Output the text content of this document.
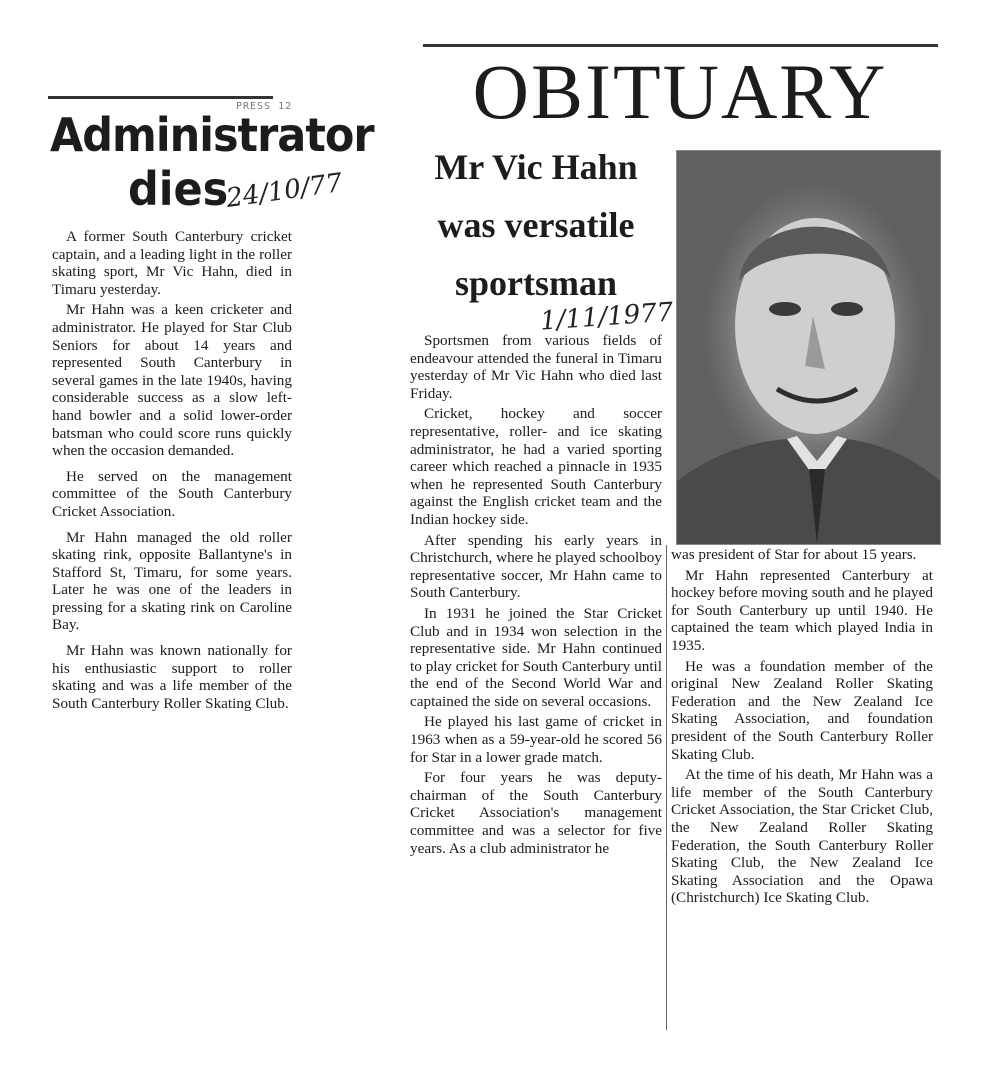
PRESS 12
Administrator
dies
24/10/77

A former South Canterbury cricket captain, and a leading light in the roller skating sport, Mr Vic Hahn, died in Timaru yesterday.

Mr Hahn was a keen cricketer and administrator. He played for Star Club Seniors for about 14 years and represented South Canterbury in several games in the late 1940s, having considerable success as a slow left-hand bowler and a solid lower-order batsman who could score runs quickly when the occasion demanded.

He served on the management committee of the South Canterbury Cricket Association.

Mr Hahn managed the old roller skating rink, opposite Ballantyne's in Stafford St, Timaru, for some years. Later he was one of the leaders in pressing for a skating rink on Caroline Bay.

Mr Hahn was known nationally for his enthusiastic support to roller skating and was a life member of the South Canterbury Roller Skating Club.

OBITUARY
Mr Vic Hahn
was versatile
sportsman
1/11/1977

Sportsmen from various fields of endeavour attended the funeral in Timaru yesterday of Mr Vic Hahn who died last Friday.

Cricket, hockey and soccer representative, roller- and ice skating administrator, he had a varied sporting career which reached a pinnacle in 1935 when he represented South Canterbury against the English cricket team and the Indian hockey side.

After spending his early years in Christchurch, where he played schoolboy representative soccer, Mr Hahn came to South Canterbury.

In 1931 he joined the Star Cricket Club and in 1934 won selection in the representative side. Mr Hahn continued to play cricket for South Canterbury until the end of the Second World War and captained the side on several occasions.

He played his last game of cricket in 1963 when as a 59-year-old he scored 56 for Star in a lower grade match.

For four years he was deputy-chairman of the South Canterbury Cricket Association's management committee and was a selector for five years. As a club administrator he

was president of Star for about 15 years.

Mr Hahn represented Canterbury at hockey before moving south and he played for South Canterbury up until 1940. He captained the team which played India in 1935.

He was a foundation member of the original New Zealand Roller Skating Federation and the New Zealand Ice Skating Association, and foundation president of the South Canterbury Roller Skating Club.

At the time of his death, Mr Hahn was a life member of the South Canterbury Cricket Association, the Star Cricket Club, the New Zealand Roller Skating Federation, the South Canterbury Roller Skating Club, the New Zealand Ice Skating Association and the Opawa (Christchurch) Ice Skating Club.
